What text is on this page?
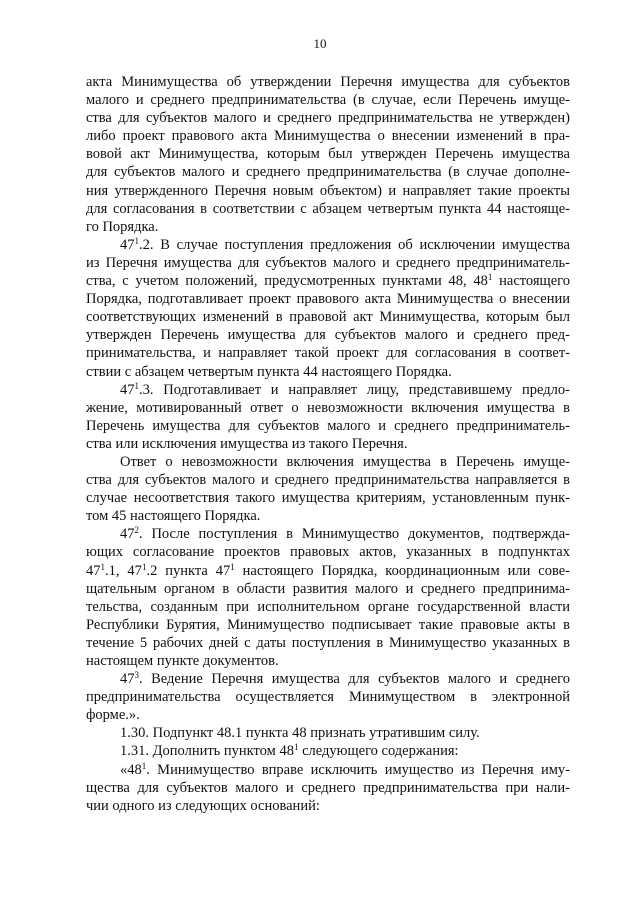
10
акта Минимущества об утверждении Перечня имущества для субъектов
малого и среднего предпринимательства (в случае, если Перечень имуще-
ства для субъектов малого и среднего предпринимательства не утвержден)
либо проект правового акта Минимущества о внесении изменений в пра-
вовой акт Минимущества, которым был утвержден Перечень имущества
для субъектов малого и среднего предпринимательства (в случае дополне-
ния утвержденного Перечня новым объектом) и направляет такие проекты
для согласования в соответствии с абзацем четвертым пункта 44 настояще-
го Порядка.
$47^1.2$. В случае поступления предложения об исключении имущества
из Перечня имущества для субъектов малого и среднего предприниматель-
ства, с учетом положений, предусмотренных пунктами 48, $48^1$ настоящего
Порядка, подготавливает проект правового акта Минимущества о внесении
соответствующих изменений в правовой акт Минимущества, которым был
утвержден Перечень имущества для субъектов малого и среднего пред-
принимательства, и направляет такой проект для согласования в соответ-
ствии с абзацем четвертым пункта 44 настоящего Порядка.
$47^1.3$. Подготавливает и направляет лицу, представившему предло-
жение, мотивированный ответ о невозможности включения имущества в
Перечень имущества для субъектов малого и среднего предприниматель-
ства или исключения имущества из такого Перечня.
Ответ о невозможности включения имущества в Перечень имуще-
ства для субъектов малого и среднего предпринимательства направляется в
случае несоответствия такого имущества критериям, установленным пунк-
том 45 настоящего Порядка.
$47^2$. После поступления в Минимущество документов, подтвержда-
ющих согласование проектов правовых актов, указанных в подпунктах
$47^1.1$, $47^1.2$ пункта $47^1$ настоящего Порядка, координационным или сове-
щательным органом в области развития малого и среднего предпринима-
тельства, созданным при исполнительном органе государственной власти
Республики Бурятия, Минимущество подписывает такие правовые акты в
течение 5 рабочих дней с даты поступления в Минимущество указанных в
настоящем пункте документов.
$47^3$. Ведение Перечня имущества для субъектов малого и среднего
предпринимательства осуществляется Минимуществом в электронной
форме.».
1.30. Подпункт 48.1 пункта 48 признать утратившим силу.
1.31. Дополнить пунктом $48^1$ следующего содержания:
«$48^1$. Минимущество вправе исключить имущество из Перечня иму-
щества для субъектов малого и среднего предпринимательства при нали-
чии одного из следующих оснований:
